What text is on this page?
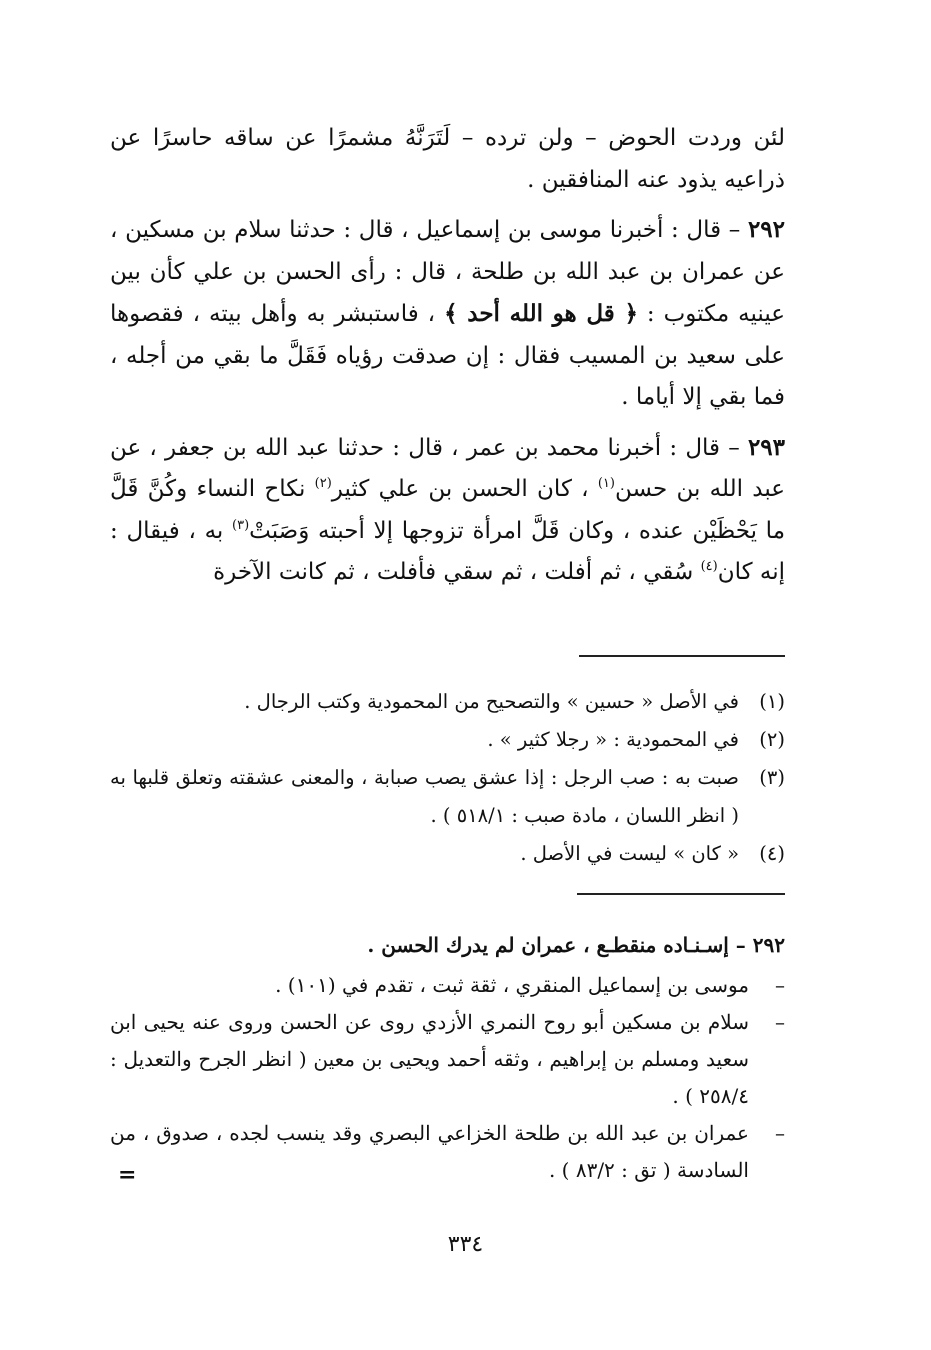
لئن وردت الحوض – ولن ترده – لَتَرَنَّهُ مشمرًا عن ساقه حاسرًا عن ذراعيه يذود عنه المنافقين .

٢٩٢ – قال : أخبرنا موسى بن إسماعيل ، قال : حدثنا سلام بن مسكين ، عن عمران بن عبد الله بن طلحة ، قال : رأى الحسن بن علي كأن بين عينيه مكتوب : ﴿ قل هو الله أحد ﴾ ، فاستبشر به وأهل بيته ، فقصوها على سعيد بن المسيب فقال : إن صدقت رؤياه فَقَلَّ ما بقي من أجله ، فما بقي إلا أياما .

٢٩٣ – قال : أخبرنا محمد بن عمر ، قال : حدثنا عبد الله بن جعفر ، عن عبد الله بن حسن$^{(١)}$ ، كان الحسن بن علي كثير$^{(٢)}$ نكاح النساء وكُنَّ قَلَّ ما يَحْظَيْن عنده ، وكان قَلَّ امرأة تزوجها إلا أحبته وَصَبَتْ$^{(٣)}$ به ، فيقال : إنه كان$^{(٤)}$ سُقي ، ثم أفلت ، ثم سقي فأفلت ، ثم كانت الآخرة

(١)
في الأصل « حسين » والتصحيح من المحمودية وكتب الرجال .
(٢)
في المحمودية : « رجلا كثير » .
(٣)
صبت به : صب الرجل : إذا عشق يصب صبابة ، والمعنى عشقته وتعلق قلبها به ( انظر اللسان ، مادة صبب : ٥١٨/١ ) .
(٤)
« كان » ليست في الأصل .
٢٩٢ – إسـنـاده منقطـع ، عمران لم يدرك الحسن .
–
موسى بن إسماعيل المنقري ، ثقة ثبت ، تقدم في (١٠١) .
–
سلام بن مسكين أبو روح النمري الأزدي روى عن الحسن وروى عنه يحيى ابن سعيد ومسلم بن إبراهيم ، وثقه أحمد ويحيى بن معين ( انظر الجرح والتعديل : ٢٥٨/٤ ) .
–
عمران بن عبد الله بن طلحة الخزاعي البصري وقد ينسب لجده ، صدوق ، من السادسة ( تق : ٨٣/٢ ) .
=
٣٣٤
